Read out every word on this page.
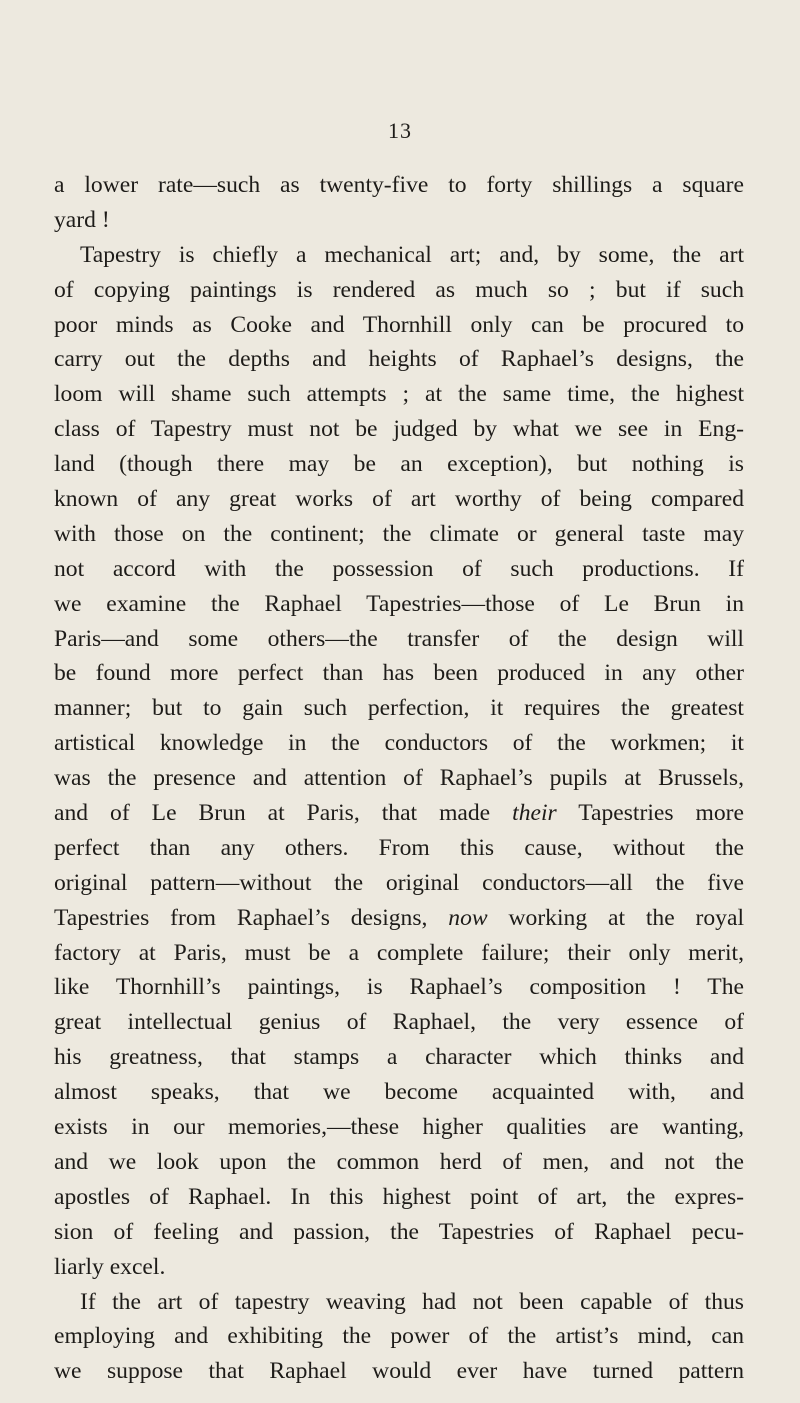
13
a lower rate—such as twenty-five to forty shillings a square
yard !
Tapestry is chiefly a mechanical art; and, by some, the art
of copying paintings is rendered as much so ; but if such
poor minds as Cooke and Thornhill only can be procured to
carry out the depths and heights of Raphael’s designs, the
loom will shame such attempts ; at the same time, the highest
class of Tapestry must not be judged by what we see in Eng-
land (though there may be an exception), but nothing is
known of any great works of art worthy of being compared
with those on the continent; the climate or general taste may
not accord with the possession of such productions. If
we examine the Raphael Tapestries—those of Le Brun in
Paris—and some others—the transfer of the design will
be found more perfect than has been produced in any other
manner; but to gain such perfection, it requires the greatest
artistical knowledge in the conductors of the workmen; it
was the presence and attention of Raphael’s pupils at Brussels,
and of Le Brun at Paris, that made their Tapestries more
perfect than any others. From this cause, without the
original pattern—without the original conductors—all the five
Tapestries from Raphael’s designs, now working at the royal
factory at Paris, must be a complete failure; their only merit,
like Thornhill’s paintings, is Raphael’s composition ! The
great intellectual genius of Raphael, the very essence of
his greatness, that stamps a character which thinks and
almost speaks, that we become acquainted with, and
exists in our memories,—these higher qualities are wanting,
and we look upon the common herd of men, and not the
apostles of Raphael. In this highest point of art, the expres-
sion of feeling and passion, the Tapestries of Raphael pecu-
liarly excel.
If the art of tapestry weaving had not been capable of thus
employing and exhibiting the power of the artist’s mind, can
we suppose that Raphael would ever have turned pattern
